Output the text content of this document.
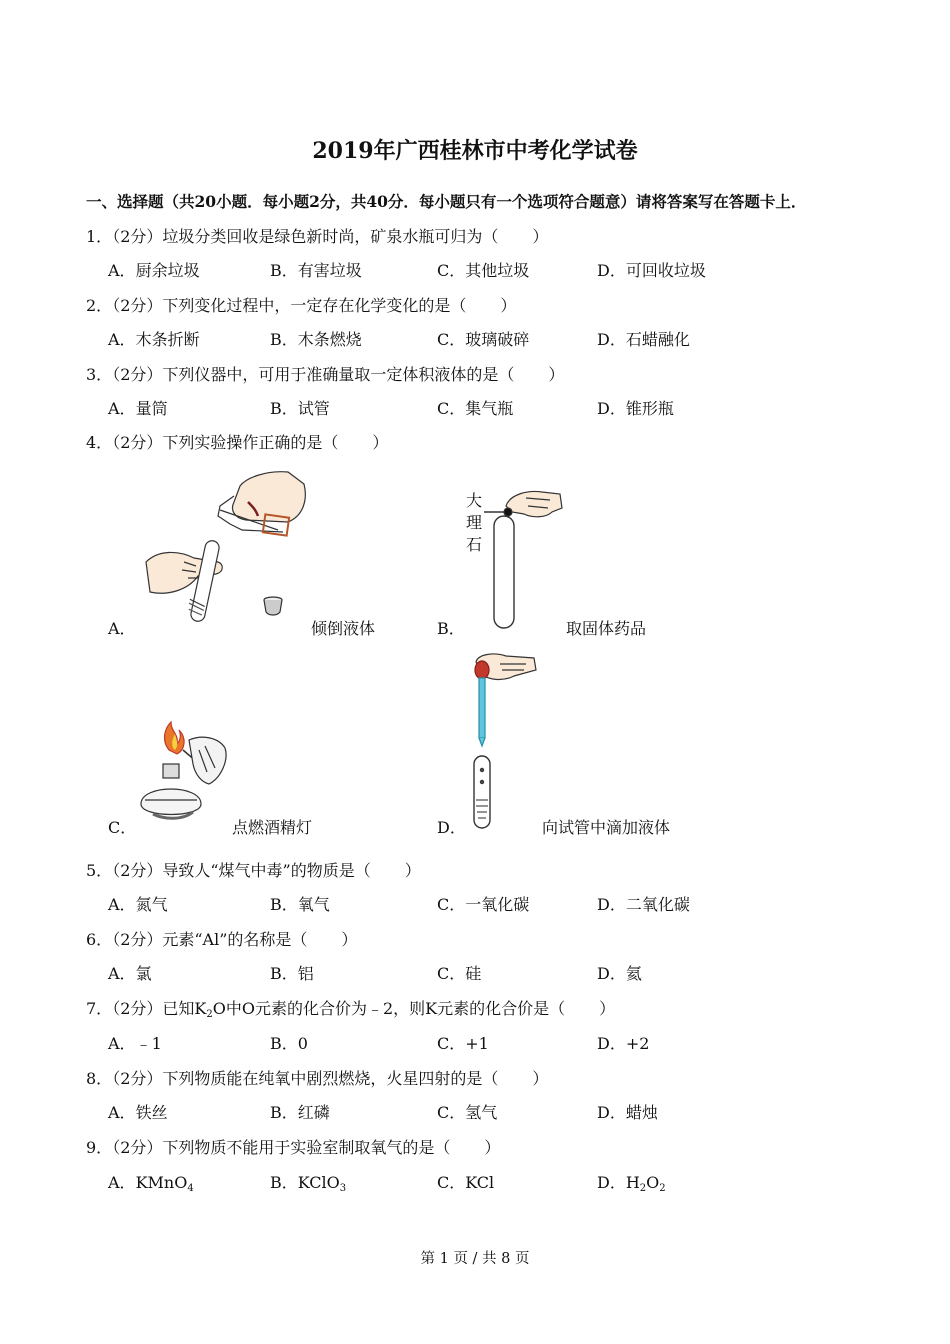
2019年广西桂林市中考化学试卷
一、选择题（共20小题．每小题2分，共40分．每小题只有一个选项符合题意）请将答案写在答题卡上．
1．（2分）垃圾分类回收是绿色新时尚，矿泉水瓶可归为（ ）
A．厨余垃圾	B．有害垃圾	C．其他垃圾	D．可回收垃圾
2．（2分）下列变化过程中，一定存在化学变化的是（ ）
A．木条折断	B．木条燃烧	C．玻璃破碎	D．石蜡融化
3．（2分）下列仪器中，可用于准确量取一定体积液体的是（ ）
A．量筒	B．试管	C．集气瓶	D．锥形瓶
4．（2分）下列实验操作正确的是（ ）
A．	倾倒液体
大
理
石
B．	取固体药品
C．	点燃酒精灯	D．	向试管中滴加液体
5．（2分）导致人“煤气中毒”的物质是（ ）
A．氮气	B．氧气	C．一氧化碳	D．二氧化碳
6．（2分）元素“Al”的名称是（ ）
A．氯	B．铝	C．硅	D．氦
7．（2分）已知$K_2O$中O元素的化合价为﹣2，则K元素的化合价是（ ）
A．﹣1	B．0	C．+1	D．+2
8．（2分）下列物质能在纯氧中剧烈燃烧，火星四射的是（ ）
A．铁丝	B．红磷	C．氢气	D．蜡烛
9．（2分）下列物质不能用于实验室制取氧气的是（ ）
A．KMnO$_4$	B．KClO$_3$	C．KCl	D．$H_2O_2$
第 1 页 / 共 8 页
